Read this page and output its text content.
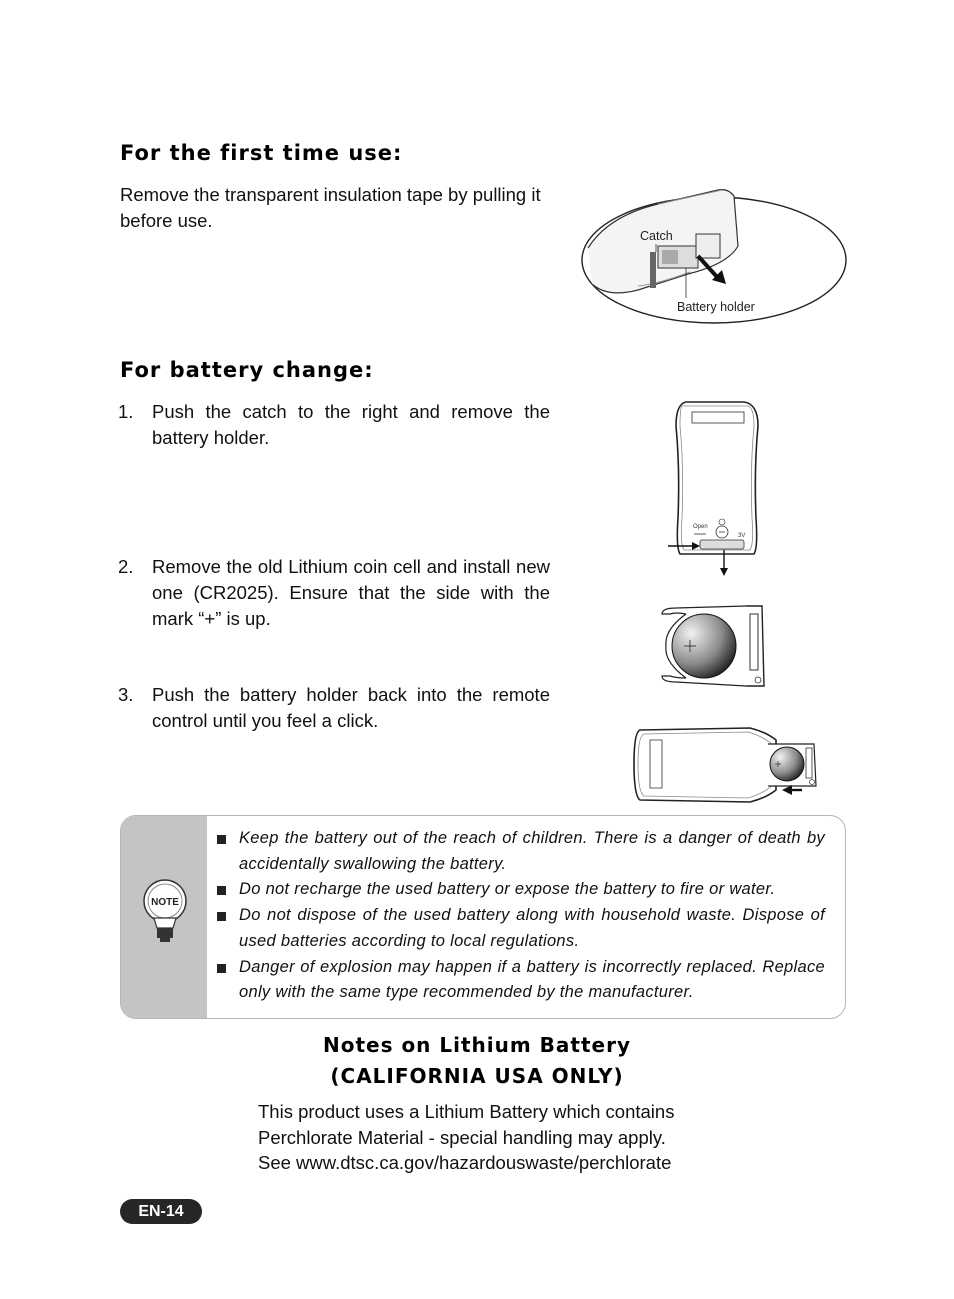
For the first time use:
Remove the transparent insulation tape by pulling it
before use.
Catch
Battery holder
For battery change:
1.	Push the catch to the right and remove the battery holder.
2.	Remove the old Lithium coin cell and install new one (CR2025). Ensure that the side with the mark “+” is up.
3.	Push the battery holder back into the remote control until you feel a click.
Open
3V
NOTE
Keep the battery out of the reach of children. There is a danger of death by accidentally swallowing the battery.
Do not recharge the used battery or expose the battery to fire or water.
Do not dispose of the used battery along with household waste. Dispose of used batteries according to local regulations.
Danger of explosion may happen if a battery is incorrectly replaced. Replace only with the same type recommended by the manufacturer.
Notes on Lithium Battery
(CALIFORNIA USA ONLY)
This product uses a Lithium Battery which contains
Perchlorate Material - special handling may apply.
See www.dtsc.ca.gov/hazardouswaste/perchlorate
EN-14
